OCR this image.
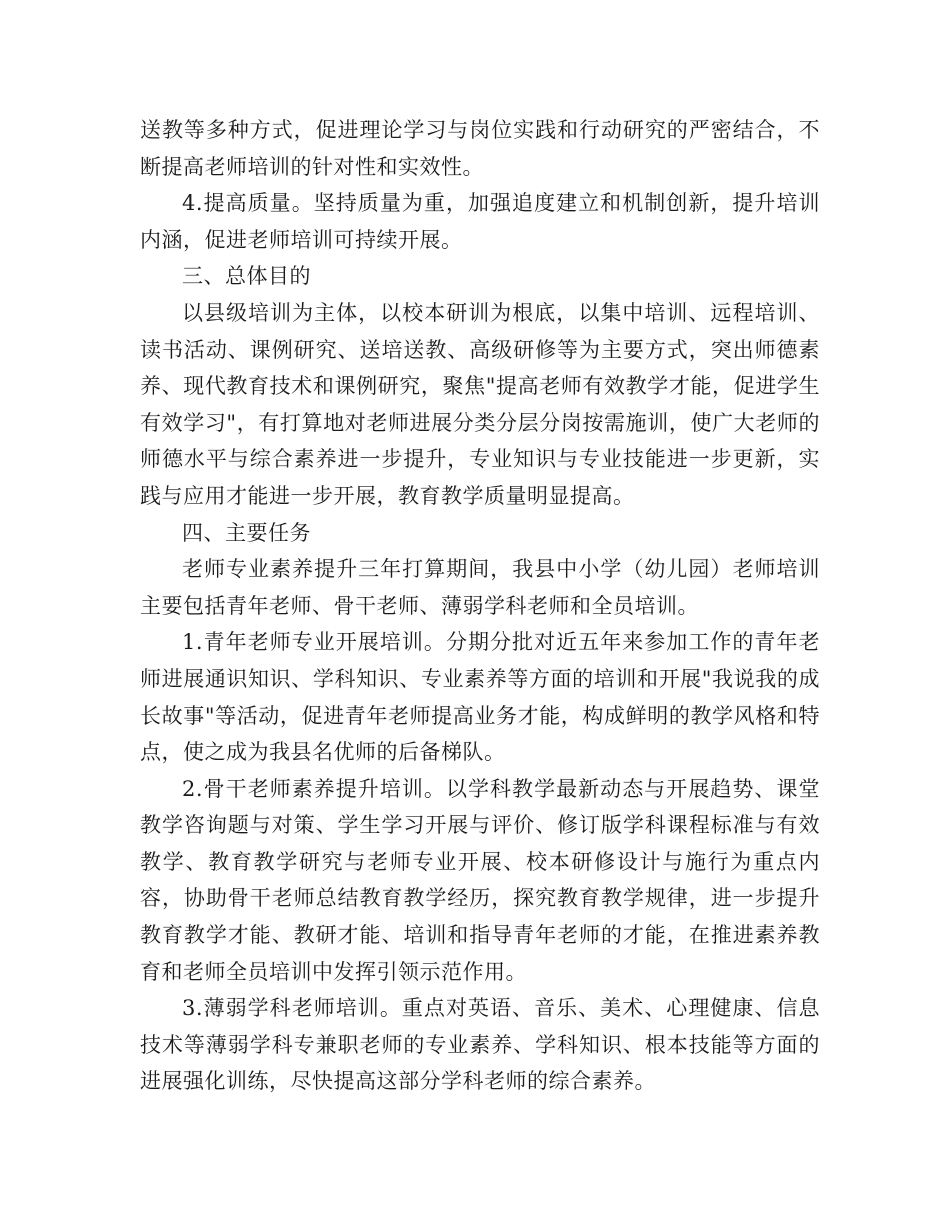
送教等多种方式，促进理论学习与岗位实践和行动研究的严密结合，不断提高老师培训的针对性和实效性。

4.提高质量。坚持质量为重，加强追度建立和机制创新，提升培训内涵，促进老师培训可持续开展。

三、总体目的

以县级培训为主体，以校本研训为根底，以集中培训、远程培训、读书活动、课例研究、送培送教、高级研修等为主要方式，突出师德素养、现代教育技术和课例研究，聚焦"提高老师有效教学才能，促进学生有效学习"，有打算地对老师进展分类分层分岗按需施训，使广大老师的师德水平与综合素养进一步提升，专业知识与专业技能进一步更新，实践与应用才能进一步开展，教育教学质量明显提高。

四、主要任务

老师专业素养提升三年打算期间，我县中小学（幼儿园）老师培训主要包括青年老师、骨干老师、薄弱学科老师和全员培训。

1.青年老师专业开展培训。分期分批对近五年来参加工作的青年老师进展通识知识、学科知识、专业素养等方面的培训和开展"我说我的成长故事"等活动，促进青年老师提高业务才能，构成鲜明的教学风格和特点，使之成为我县名优师的后备梯队。

2.骨干老师素养提升培训。以学科教学最新动态与开展趋势、课堂教学咨询题与对策、学生学习开展与评价、修订版学科课程标准与有效教学、教育教学研究与老师专业开展、校本研修设计与施行为重点内容，协助骨干老师总结教育教学经历，探究教育教学规律，进一步提升教育教学才能、教研才能、培训和指导青年老师的才能，在推进素养教育和老师全员培训中发挥引领示范作用。

3.薄弱学科老师培训。重点对英语、音乐、美术、心理健康、信息技术等薄弱学科专兼职老师的专业素养、学科知识、根本技能等方面的进展强化训练，尽快提高这部分学科老师的综合素养。
